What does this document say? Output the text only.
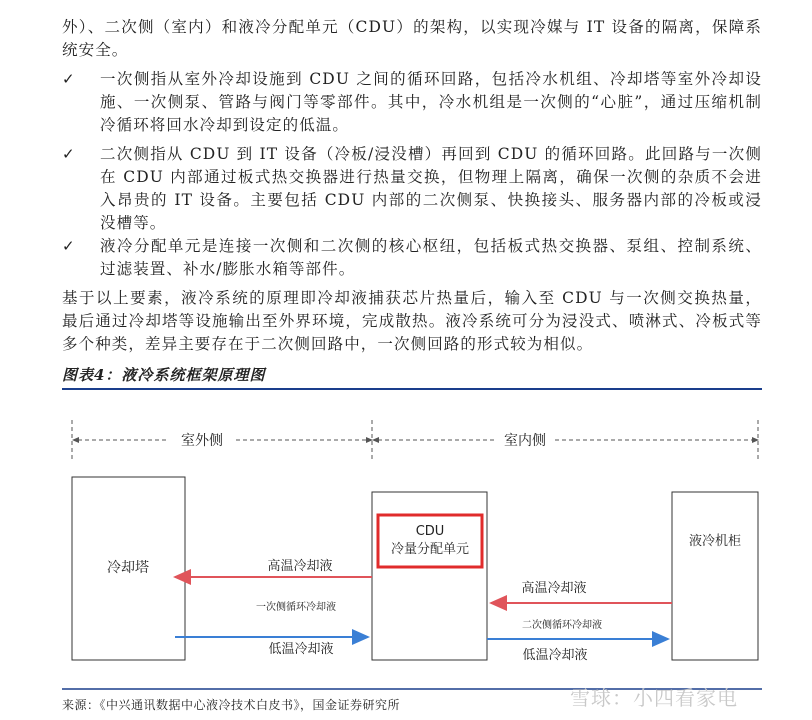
外）、二次侧（室内）和液冷分配单元（CDU）的架构，以实现冷媒与 IT 设备的隔离，保障系统安全。

✓ 一次侧指从室外冷却设施到 CDU 之间的循环回路，包括冷水机组、冷却塔等室外冷却设施、一次侧泵、管路与阀门等零部件。其中，冷水机组是一次侧的“心脏”，通过压缩机制冷循环将回水冷却到设定的低温。
✓ 二次侧指从 CDU 到 IT 设备（冷板/浸没槽）再回到 CDU 的循环回路。此回路与一次侧在 CDU 内部通过板式热交换器进行热量交换，但物理上隔离，确保一次侧的杂质不会进入昂贵的 IT 设备。主要包括 CDU 内部的二次侧泵、快换接头、服务器内部的冷板或浸没槽等。
✓ 液冷分配单元是连接一次侧和二次侧的核心枢纽，包括板式热交换器、泵组、控制系统、过滤装置、补水/膨胀水箱等部件。

基于以上要素，液冷系统的原理即冷却液捕获芯片热量后，输入至 CDU 与一次侧交换热量，最后通过冷却塔等设施输出至外界环境，完成散热。液冷系统可分为浸没式、喷淋式、冷板式等多个种类，差异主要存在于二次侧回路中，一次侧回路的形式较为相似。

图表4：液冷系统框架原理图
室外侧	室内侧
冷却塔
CDU
冷量分配单元
液冷机柜
高温冷却液
一次侧循环冷却液
低温冷却液
高温冷却液
二次侧循环冷却液
低温冷却液
来源：《中兴通讯数据中心液冷技术白皮书》，国金证券研究所	雪球：小四看家电
